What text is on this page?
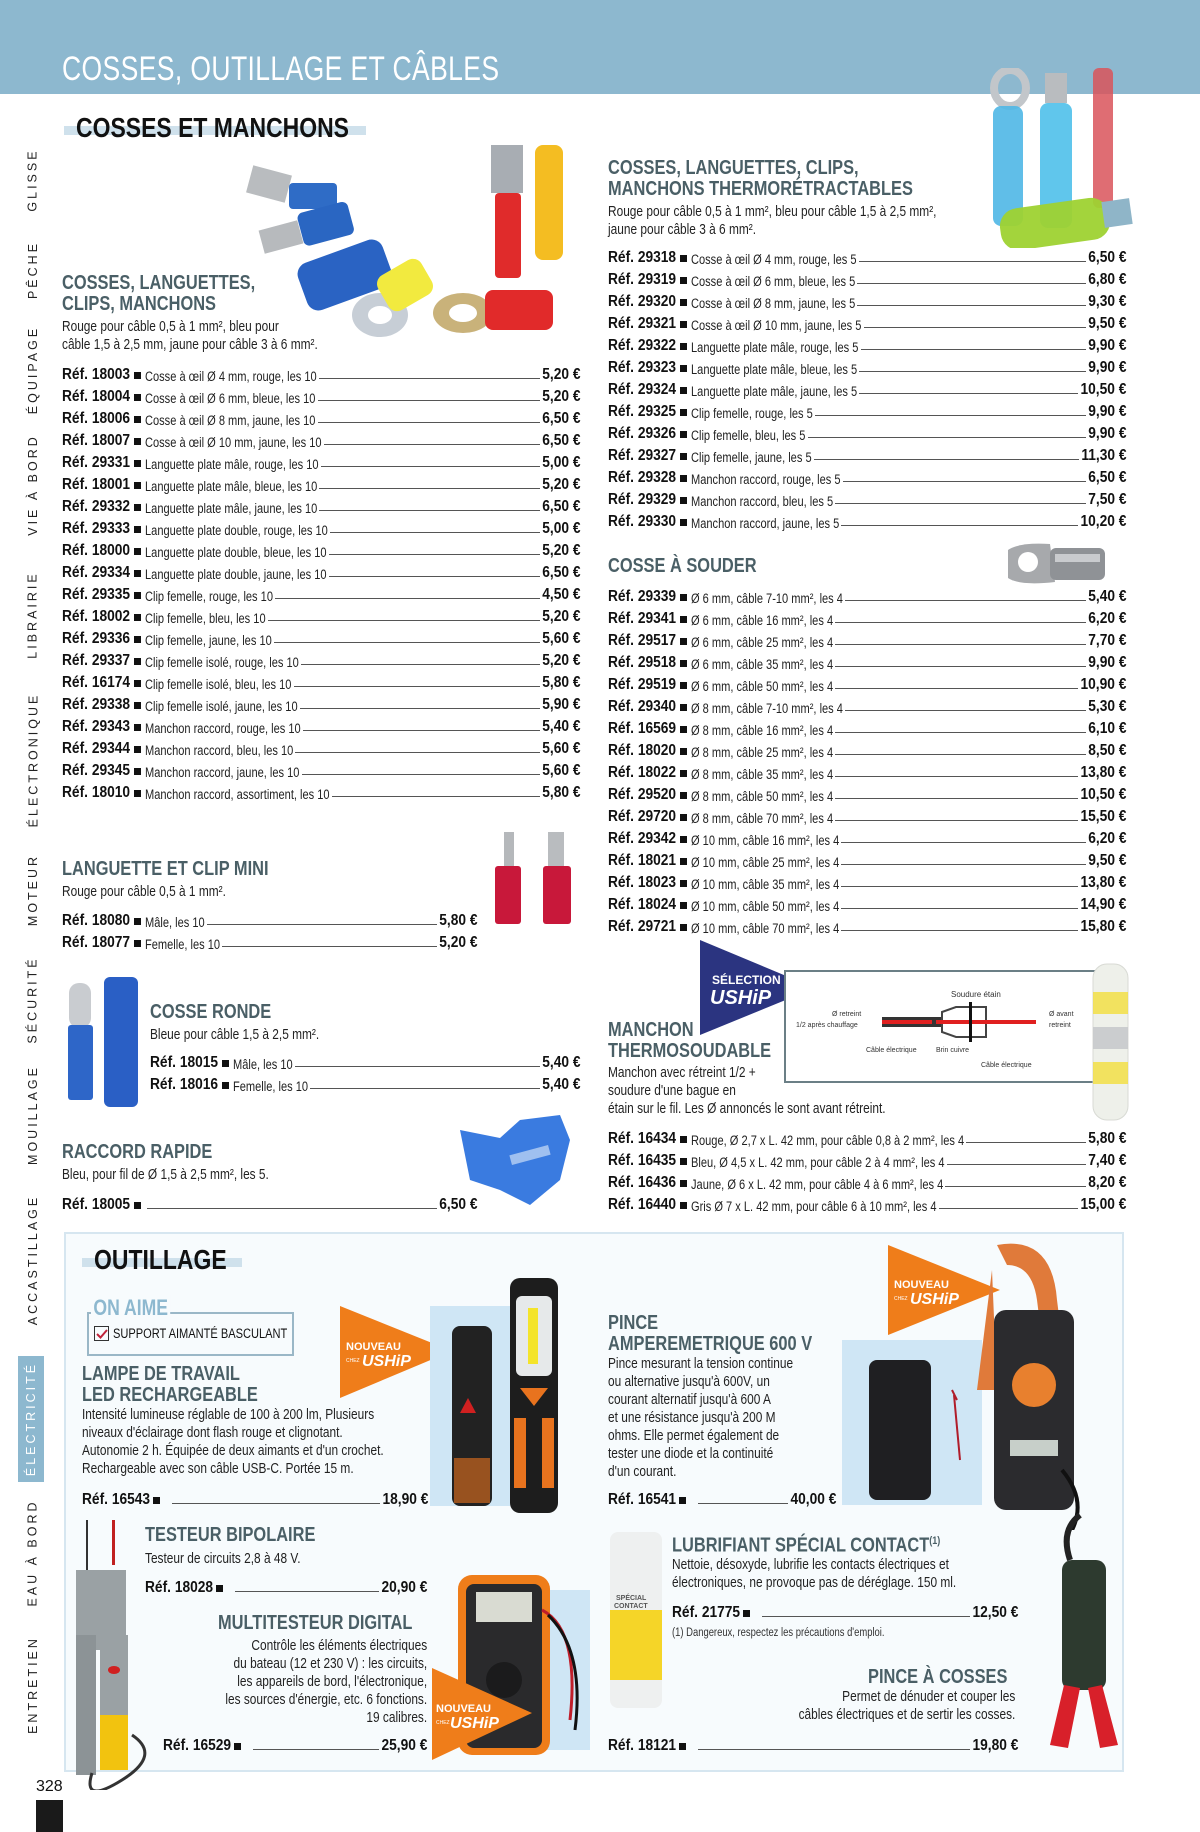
COSSES, OUTILLAGE ET CÂBLES
GLISSE
PÊCHE
ÉQUIPAGE
VIE À BORD
LIBRAIRIE
ÉLECTRONIQUE
MOTEUR
SÉCURITÉ
MOUILLAGE
ACCASTILLAGE
ÉLECTRICITÉ
EAU À BORD
ENTRETIEN
328
COSSES ET MANCHONS
COSSES, LANGUETTES,
CLIPS, MANCHONS
Rouge pour câble 0,5 à 1 mm², bleu pour
câble 1,5 à 2,5 mm, jaune pour câble 3 à 6 mm².
Réf. 18003 Cosse à œil Ø 4 mm, rouge, les 10	5,20 €
Réf. 18004 Cosse à œil Ø 6 mm, bleue, les 10	5,20 €
Réf. 18006 Cosse à œil Ø 8 mm, jaune, les 10	6,50 €
Réf. 18007 Cosse à œil Ø 10 mm, jaune, les 10	6,50 €
Réf. 29331 Languette plate mâle, rouge, les 10	5,00 €
Réf. 18001 Languette plate mâle, bleue, les 10	5,20 €
Réf. 29332 Languette plate mâle, jaune, les 10	6,50 €
Réf. 29333 Languette plate double, rouge, les 10	5,00 €
Réf. 18000 Languette plate double, bleue, les 10	5,20 €
Réf. 29334 Languette plate double, jaune, les 10	6,50 €
Réf. 29335 Clip femelle, rouge, les 10	4,50 €
Réf. 18002 Clip femelle, bleu, les 10	5,20 €
Réf. 29336 Clip femelle, jaune, les 10	5,60 €
Réf. 29337 Clip femelle isolé, rouge, les 10	5,20 €
Réf. 16174 Clip femelle isolé, bleu, les 10	5,80 €
Réf. 29338 Clip femelle isolé, jaune, les 10	5,90 €
Réf. 29343 Manchon raccord, rouge, les 10	5,40 €
Réf. 29344 Manchon raccord, bleu, les 10	5,60 €
Réf. 29345 Manchon raccord, jaune, les 10	5,60 €
Réf. 18010 Manchon raccord, assortiment, les 10	5,80 €
LANGUETTE ET CLIP MINI
Rouge pour câble 0,5 à 1 mm².
Réf. 18080 Mâle, les 10	5,80 €
Réf. 18077 Femelle, les 10	5,20 €
COSSE RONDE
Bleue pour câble 1,5 à 2,5 mm².
Réf. 18015 Mâle, les 10	5,40 €
Réf. 18016 Femelle, les 10	5,40 €
RACCORD RAPIDE
Bleu, pour fil de Ø 1,5 à 2,5 mm², les 5.
Réf. 18005	6,50 €
COSSES, LANGUETTES, CLIPS,
MANCHONS THERMORÉTRACTABLES
Rouge pour câble 0,5 à 1 mm², bleu pour câble 1,5 à 2,5 mm²,
jaune pour câble 3 à 6 mm².
Réf. 29318 Cosse à œil Ø 4 mm, rouge, les 5	6,50 €
Réf. 29319 Cosse à œil Ø 6 mm, bleue, les 5	6,80 €
Réf. 29320 Cosse à œil Ø 8 mm, jaune, les 5	9,30 €
Réf. 29321 Cosse à œil Ø 10 mm, jaune, les 5	9,50 €
Réf. 29322 Languette plate mâle, rouge, les 5	9,90 €
Réf. 29323 Languette plate mâle, bleue, les 5	9,90 €
Réf. 29324 Languette plate mâle, jaune, les 5	10,50 €
Réf. 29325 Clip femelle, rouge, les 5	9,90 €
Réf. 29326 Clip femelle, bleu, les 5	9,90 €
Réf. 29327 Clip femelle, jaune, les 5	11,30 €
Réf. 29328 Manchon raccord, rouge, les 5	6,50 €
Réf. 29329 Manchon raccord, bleu, les 5	7,50 €
Réf. 29330 Manchon raccord, jaune, les 5	10,20 €
COSSE À SOUDER
Réf. 29339 Ø 6 mm, câble 7-10 mm², les 4	5,40 €
Réf. 29341 Ø 6 mm, câble 16 mm², les 4	6,20 €
Réf. 29517 Ø 6 mm, câble 25 mm², les 4	7,70 €
Réf. 29518 Ø 6 mm, câble 35 mm², les 4	9,90 €
Réf. 29519 Ø 6 mm, câble 50 mm², les 4	10,90 €
Réf. 29340 Ø 8 mm, câble 7-10 mm², les 4	5,30 €
Réf. 16569 Ø 8 mm, câble 16 mm², les 4	6,10 €
Réf. 18020 Ø 8 mm, câble 25 mm², les 4	8,50 €
Réf. 18022 Ø 8 mm, câble 35 mm², les 4	13,80 €
Réf. 29520 Ø 8 mm, câble 50 mm², les 4	10,50 €
Réf. 29720 Ø 8 mm, câble 70 mm², les 4	15,50 €
Réf. 29342 Ø 10 mm, câble 16 mm², les 4	6,20 €
Réf. 18021 Ø 10 mm, câble 25 mm², les 4	9,50 €
Réf. 18023 Ø 10 mm, câble 35 mm², les 4	13,80 €
Réf. 18024 Ø 10 mm, câble 50 mm², les 4	14,90 €
Réf. 29721 Ø 10 mm, câble 70 mm², les 4	15,80 €
SÉLECTION
USHiP	Soudure étain
Ø retreint
1/2 après chauffage
Ø avant
retreint
Câble électrique	Brin cuivre
Câble électrique
MANCHON
THERMOSOUDABLE
Manchon avec rétreint 1/2 +
soudure d'une bague en
étain sur le fil. Les Ø annoncés le sont avant rétreint.
Réf. 16434 Rouge, Ø 2,7 x L. 42 mm, pour câble 0,8 à 2 mm², les 4	5,80 €
Réf. 16435 Bleu, Ø 4,5 x L. 42 mm, pour câble 2 à 4 mm², les 4	7,40 €
Réf. 16436 Jaune, Ø 6 x L. 42 mm, pour câble 4 à 6 mm², les 4	8,20 €
Réf. 16440 Gris Ø 7 x L. 42 mm, pour câble 6 à 10 mm², les 4	15,00 €
OUTILLAGE
ON AIME
SUPPORT AIMANTÉ BASCULANT
LAMPE DE TRAVAIL
LED RECHARGEABLE
Intensité lumineuse réglable de 100 à 200 lm, Plusieurs
niveaux d'éclairage dont flash rouge et clignotant.
Autonomie 2 h. Équipée de deux aimants et d'un crochet.
Rechargeable avec son câble USB-C. Portée 15 m.
Réf. 16543	18,90 €
NOUVEAU
CHEZ USHiP
PINCE
AMPEREMETRIQUE 600 V
Pince mesurant la tension continue
ou alternative jusqu'à 600V, un
courant alternatif jusqu'à 600 A
et une résistance jusqu'à 200 M
ohms. Elle permet également de
tester une diode et la continuité
d'un courant.
Réf. 16541	40,00 €
NOUVEAU
CHEZ USHiP
TESTEUR BIPOLAIRE
Testeur de circuits 2,8 à 48 V.
Réf. 18028	20,90 €
MULTITESTEUR DIGITAL
Contrôle les éléments électriques
du bateau (12 et 230 V) : les circuits,
les appareils de bord, l'électronique,
les sources d'énergie, etc. 6 fonctions.
19 calibres.
Réf. 16529	25,90 €
NOUVEAU
CHEZ USHiP
SPÉCIAL
CONTACT
LUBRIFIANT SPÉCIAL CONTACT$^{(1)}$
Nettoie, désoxyde, lubrifie les contacts électriques et
électroniques, ne provoque pas de déréglage. 150 ml.
Réf. 21775	12,50 €
(1) Dangereux, respectez les précautions d'emploi.
PINCE À COSSES
Permet de dénuder et couper les
câbles électriques et de sertir les cosses.
Réf. 18121	19,80 €
